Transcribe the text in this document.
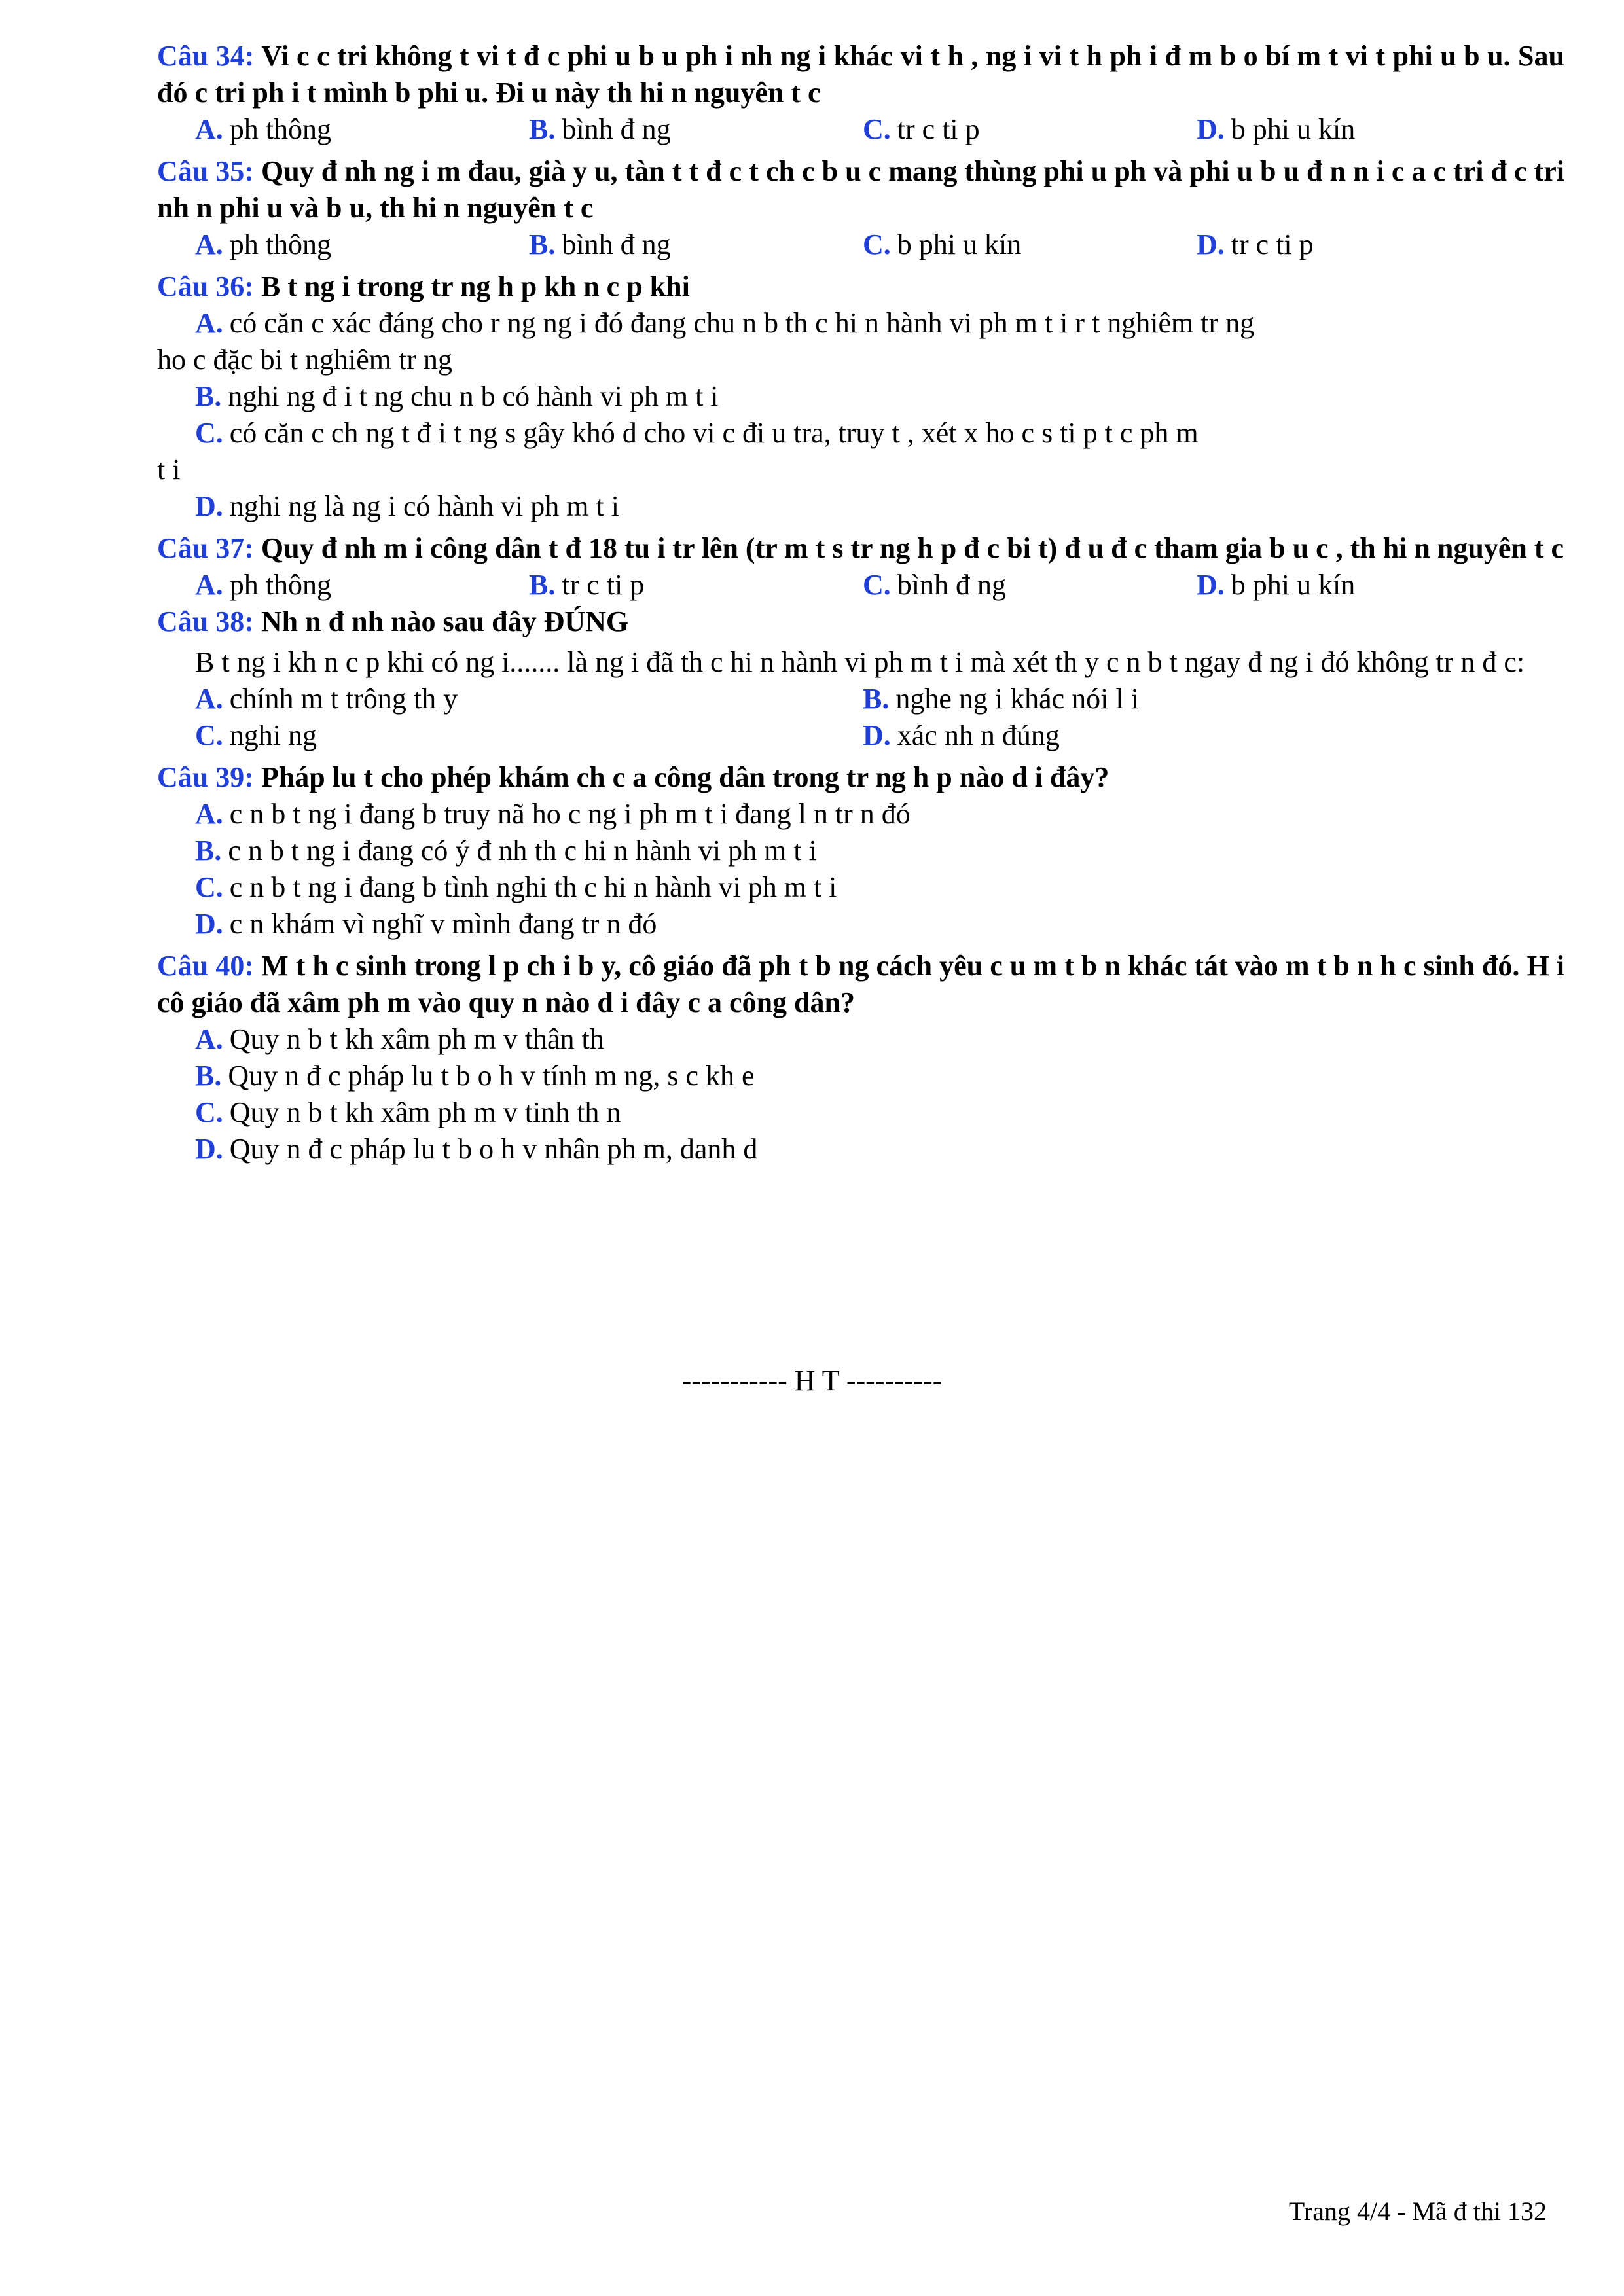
Câu 34: Vi c c tri không t vi t đ c phi u b u ph i nh ng i khác vi t h , ng i vi t h ph i đ m b o bí m t vi t phi u b u. Sau đó c tri ph i t mình b phi u. Đi u này th hi n nguyên t c

A. ph thông	B. bình đ ng	C. tr c ti p	D. b phi u kín

Câu 35: Quy đ nh ng i m đau, già y u, tàn t t đ c t ch c b u c mang thùng phi u ph và phi u b u đ n n i c a c tri đ c tri nh n phi u và b u, th hi n nguyên t c

A. ph thông	B. bình đ ng	C. b phi u kín	D. tr c ti p

Câu 36: B t ng i trong tr ng h p kh n c p khi

A. có căn c xác đáng cho r ng ng i đó đang chu n b th c hi n hành vi ph m t i r t nghiêm tr ng
ho c đặc bi t nghiêm tr ng
B. nghi ng đ i t ng chu n b có hành vi ph m t i
C. có căn c ch ng t đ i t ng s gây khó d cho vi c đi u tra, truy t , xét x ho c s ti p t c ph m
t i
D. nghi ng là ng i có hành vi ph m t i

Câu 37: Quy đ nh m i công dân t đ 18 tu i tr lên (tr m t s tr ng h p đ c bi t) đ u đ c tham gia b u c , th hi n nguyên t c

A. ph thông	B. tr c ti p	C. bình đ ng	D. b phi u kín

Câu 38: Nh n đ nh nào sau đây ĐÚNG

B t ng i kh n c p khi có ng i....... là ng i đã th c hi n hành vi ph m t i mà xét th y c n b t ngay đ ng i đó không tr n đ c:

A. chính m t trông th y	B. nghe ng i khác nói l i
C. nghi ng	D. xác nh n đúng

Câu 39: Pháp lu t cho phép khám ch c a công dân trong tr ng h p nào d i đây?

A. c n b t ng i đang b truy nã ho c ng i ph m t i đang l n tr n đó
B. c n b t ng i đang có ý đ nh th c hi n hành vi ph m t i
C. c n b t ng i đang b tình nghi th c hi n hành vi ph m t i
D. c n khám vì nghĩ v mình đang tr n đó

Câu 40: M t h c sinh trong l p ch i b y, cô giáo đã ph t b ng cách yêu c u m t b n khác tát vào m t b n h c sinh đó. H i cô giáo đã xâm ph m vào quy n nào d i đây c a công dân?

A. Quy n b t kh xâm ph m v thân th
B. Quy n đ c pháp lu t b o h v tính m ng, s c kh e
C. Quy n b t kh xâm ph m v tinh th n
D. Quy n đ c pháp lu t b o h v nhân ph m, danh d
----------- H T ----------
Trang 4/4 - Mã đ thi 132
